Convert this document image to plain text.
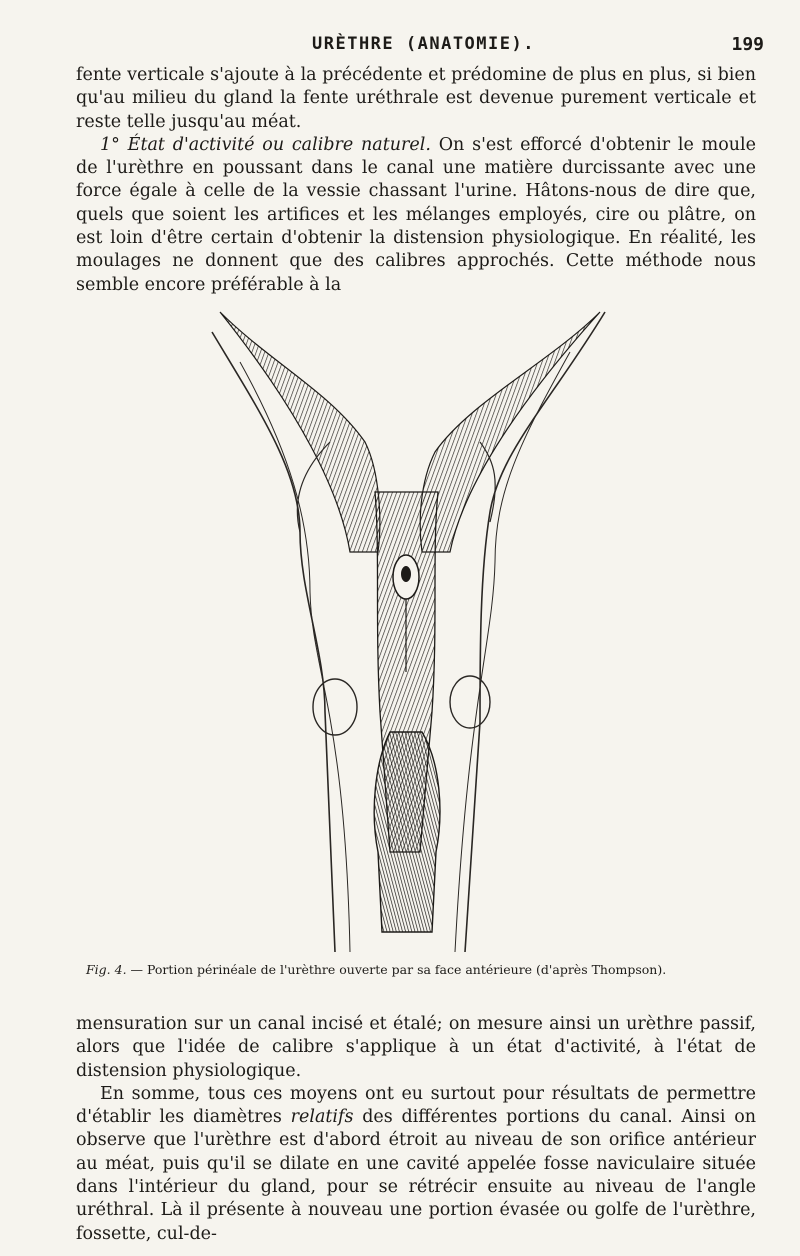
URÈTHRE (ANATOMIE).	199

fente verticale s'ajoute à la précédente et prédomine de plus en plus, si bien qu'au milieu du gland la fente uréthrale est devenue purement verticale et reste telle jusqu'au méat.

1° État d'activité ou calibre naturel. On s'est efforcé d'obtenir le moule de l'urèthre en poussant dans le canal une matière durcissante avec une force égale à celle de la vessie chassant l'urine. Hâtons-nous de dire que, quels que soient les artifices et les mélanges employés, cire ou plâtre, on est loin d'être certain d'obtenir la distension physiologique. En réalité, les moulages ne donnent que des calibres approchés. Cette méthode nous semble encore préférable à la

Fig. 4. — Portion périnéale de l'urèthre ouverte par sa face antérieure (d'après Thompson).

mensuration sur un canal incisé et étalé; on mesure ainsi un urèthre passif, alors que l'idée de calibre s'applique à un état d'activité, à l'état de distension physiologique.

En somme, tous ces moyens ont eu surtout pour résultats de permettre d'établir les diamètres relatifs des différentes portions du canal. Ainsi on observe que l'urèthre est d'abord étroit au niveau de son orifice antérieur au méat, puis qu'il se dilate en une cavité appelée fosse naviculaire située dans l'intérieur du gland, pour se rétrécir ensuite au niveau de l'angle uréthral. Là il présente à nouveau une portion évasée ou golfe de l'urèthre, fossette, cul-de-
